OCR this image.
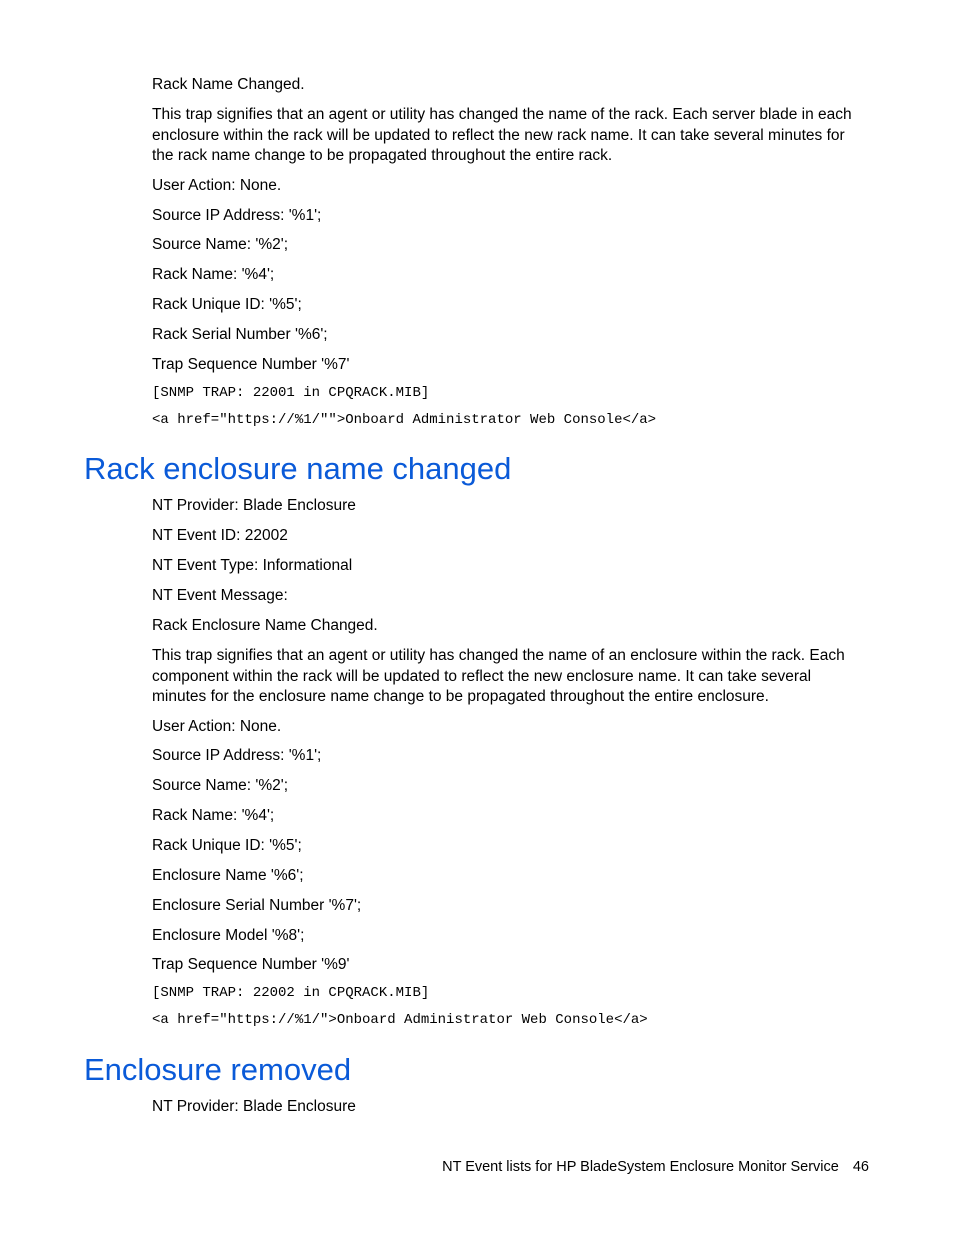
Rack Name Changed.

This trap signifies that an agent or utility has changed the name of the rack. Each server blade in each enclosure within the rack will be updated to reflect the new rack name. It can take several minutes for the rack name change to be propagated throughout the entire rack.

User Action: None.

Source IP Address: '%1';

Source Name: '%2';

Rack Name: '%4';

Rack Unique ID: '%5';

Rack Serial Number '%6';

Trap Sequence Number '%7'

[SNMP TRAP: 22001 in CPQRACK.MIB]

<a href="https://%1/"">Onboard Administrator Web Console</a>

Rack enclosure name changed

NT Provider: Blade Enclosure

NT Event ID: 22002

NT Event Type: Informational

NT Event Message:

Rack Enclosure Name Changed.

This trap signifies that an agent or utility has changed the name of an enclosure within the rack. Each component within the rack will be updated to reflect the new enclosure name. It can take several minutes for the enclosure name change to be propagated throughout the entire enclosure.

User Action: None.

Source IP Address: '%1';

Source Name: '%2';

Rack Name: '%4';

Rack Unique ID: '%5';

Enclosure Name '%6';

Enclosure Serial Number '%7';

Enclosure Model '%8';

Trap Sequence Number '%9'

[SNMP TRAP: 22002 in CPQRACK.MIB]

<a href="https://%1/">Onboard Administrator Web Console</a>

Enclosure removed

NT Provider: Blade Enclosure

NT Event lists for HP BladeSystem Enclosure Monitor Service 46
